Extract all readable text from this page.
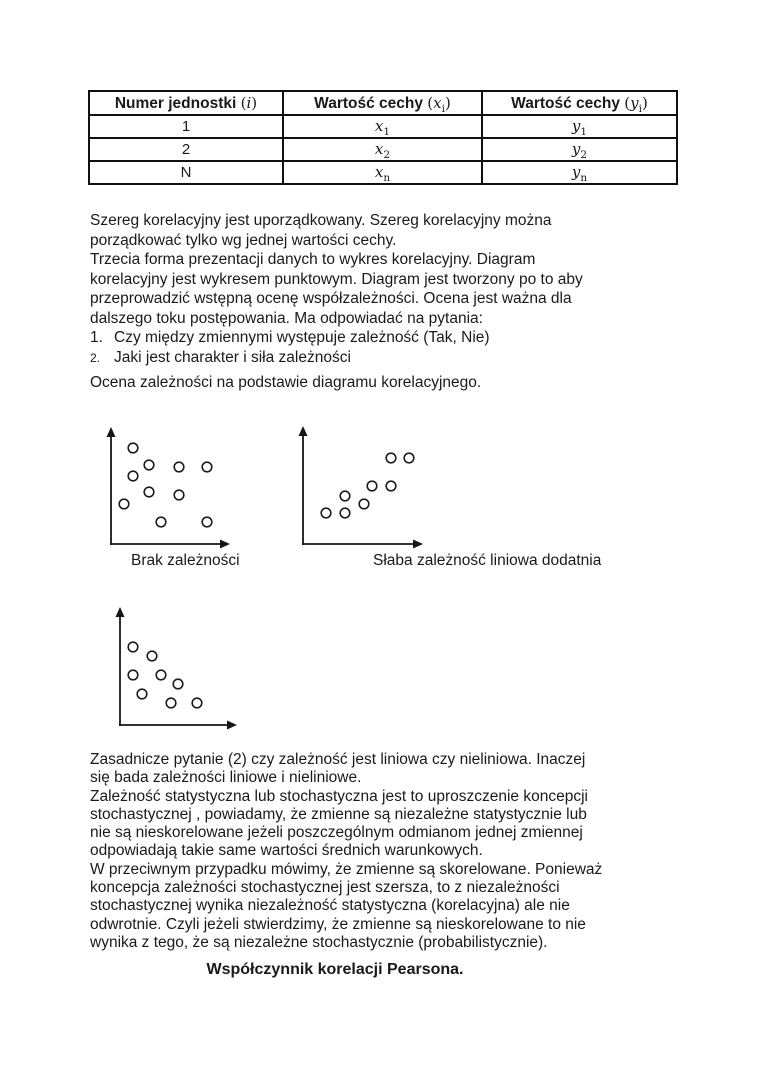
Numer jednostki (i)	Wartość cechy $(x_i)$	Wartość cechy $(y_i)$
1	$x_1$	$y_1$
2	$x_2$	$y_2$
N	$x_n$	$y_n$
Szereg korelacyjny jest uporządkowany. Szereg korelacyjny można
porządkować tylko wg jednej wartości cechy.
Trzecia forma prezentacji danych to wykres korelacyjny. Diagram
korelacyjny jest wykresem punktowym. Diagram jest tworzony po to aby
przeprowadzić wstępną ocenę współzależności. Ocena jest ważna dla
dalszego toku postępowania. Ma odpowiadać na pytania:
1. Czy między zmiennymi występuje zależność (Tak, Nie)
2. Jaki jest charakter i siła zależności
Ocena zależności na podstawie diagramu korelacyjnego.
Brak zależności	Słaba zależność liniowa dodatnia
Zasadnicze pytanie (2) czy zależność jest liniowa czy nieliniowa. Inaczej
się bada zależności liniowe i nieliniowe.
Zależność statystyczna lub stochastyczna jest to uproszczenie koncepcji
stochastycznej , powiadamy, że zmienne są niezależne statystycznie lub
nie są nieskorelowane jeżeli poszczególnym odmianom jednej zmiennej
odpowiadają takie same wartości średnich warunkowych.
W przeciwnym przypadku mówimy, że zmienne są skorelowane. Ponieważ
koncepcja zależności stochastycznej jest szersza, to z niezależności
stochastycznej wynika niezależność statystyczna (korelacyjna) ale nie
odwrotnie. Czyli jeżeli stwierdzimy, że zmienne są nieskorelowane to nie
wynika z tego, że są niezależne stochastycznie (probabilistycznie).
Współczynnik korelacji Pearsona.
